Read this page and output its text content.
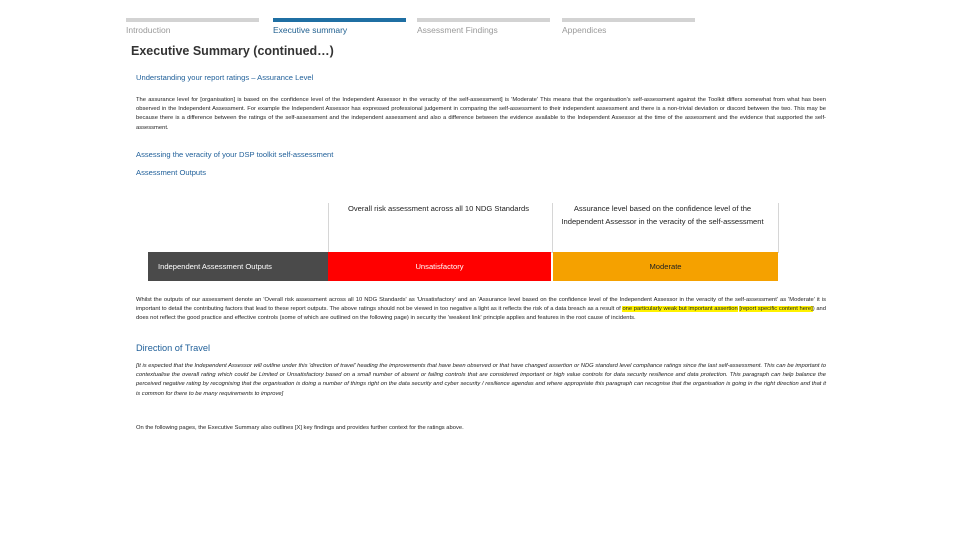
Introduction	Executive summary	Assessment Findings	Appendices
Executive Summary (continued…)
Understanding your report ratings – Assurance Level
The assurance level for [organisation] is based on the confidence level of the Independent Assessor in the veracity of the self-assessment] is 'Moderate' This means that the organisation's self-assessment against the Toolkit differs somewhat from what has been observed in the Independent Assessment. For example the Independent Assessor has expressed professional judgement in comparing the self-assessment to their independent assessment and there is a non-trivial deviation or discord between the two. This may be because there is a difference between the ratings of the self-assessment and the independent assessment and also a difference between the evidence available to the Independent Assessor at the time of the assessment and the evidence that supported the self-assessment.
Assessing the veracity of your DSP toolkit self-assessment
Assessment Outputs
Overall risk assessment across all 10 NDG Standards	Assurance level based on the confidence level of the Independent Assessor in the veracity of the self-assessment
Independent Assessment Outputs	Unsatisfactory	Moderate
Whilst the outputs of our assessment denote an 'Overall risk assessment across all 10 NDG Standards' as 'Unsatisfactory' and an 'Assurance level based on the confidence level of the Independent Assessor in the veracity of the self-assessment' as 'Moderate' it is important to detail the contributing factors that lead to these report outputs. The above ratings should not be viewed in too negative a light as it reflects the risk of a data breach as a result of one particularly weak but important assertion [report specific content here]) and does not reflect the good practice and effective controls (some of which are outlined on the following page) in security the 'weakest link' principle applies and features in the root cause of incidents.
Direction of Travel
[It is expected that the Independent Assessor will outline under this 'direction of travel' heading the improvements that have been observed or that have changed assertion or NDG standard level compliance ratings since the last self-assessment. This can be important to contextualise the overall rating which could be Limited or Unsatisfactory based on a small number of absent or failing controls that are considered important or high value controls for data security resilience and data protection. This paragraph can help balance the perceived negative rating by recognising that the organisation is doing a number of things right on the data security and cyber security / resilience agendas and where appropriate this paragraph can recognise that the organisation is going in the right direction and that it is common for there to be many requirements to improve]
On the following pages, the Executive Summary also outlines [X] key findings and provides further context for the ratings above.
